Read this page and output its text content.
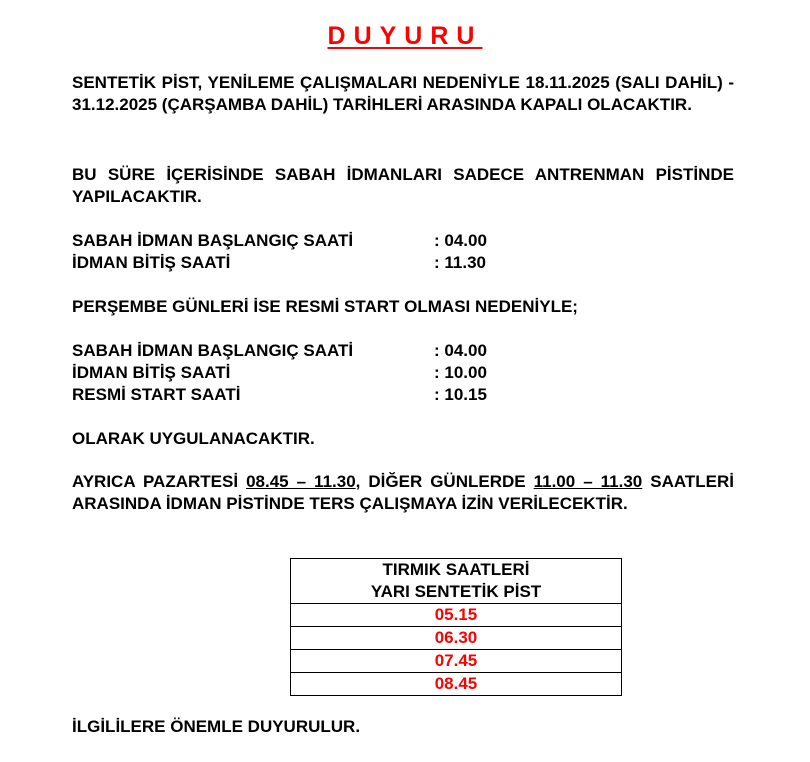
DUYURU
SENTETİK PİST, YENİLEME ÇALIŞMALARI NEDENİYLE 18.11.2025 (SALI DAHİL) - 31.12.2025 (ÇARŞAMBA DAHİL) TARİHLERİ ARASINDA KAPALI OLACAKTIR.
BU SÜRE İÇERİSİNDE SABAH İDMANLARI SADECE ANTRENMAN PİSTİNDE YAPILACAKTIR.
SABAH İDMAN BAŞLANGIÇ SAATİ	: 04.00
İDMAN BİTİŞ SAATİ	: 11.30
PERŞEMBE GÜNLERİ İSE RESMİ START OLMASI NEDENİYLE;
SABAH İDMAN BAŞLANGIÇ SAATİ	: 04.00
İDMAN BİTİŞ SAATİ	: 10.00
RESMİ START SAATİ	: 10.15
OLARAK UYGULANACAKTIR.
AYRICA PAZARTESİ 08.45 – 11.30, DİĞER GÜNLERDE 11.00 – 11.30 SAATLERİ ARASINDA İDMAN PİSTİNDE TERS ÇALIŞMAYA İZİN VERİLECEKTİR.
TIRMIK SAATLERİ
YARI SENTETİK PİST
05.15
06.30
07.45
08.45
İLGİLİLERE ÖNEMLE DUYURULUR.
